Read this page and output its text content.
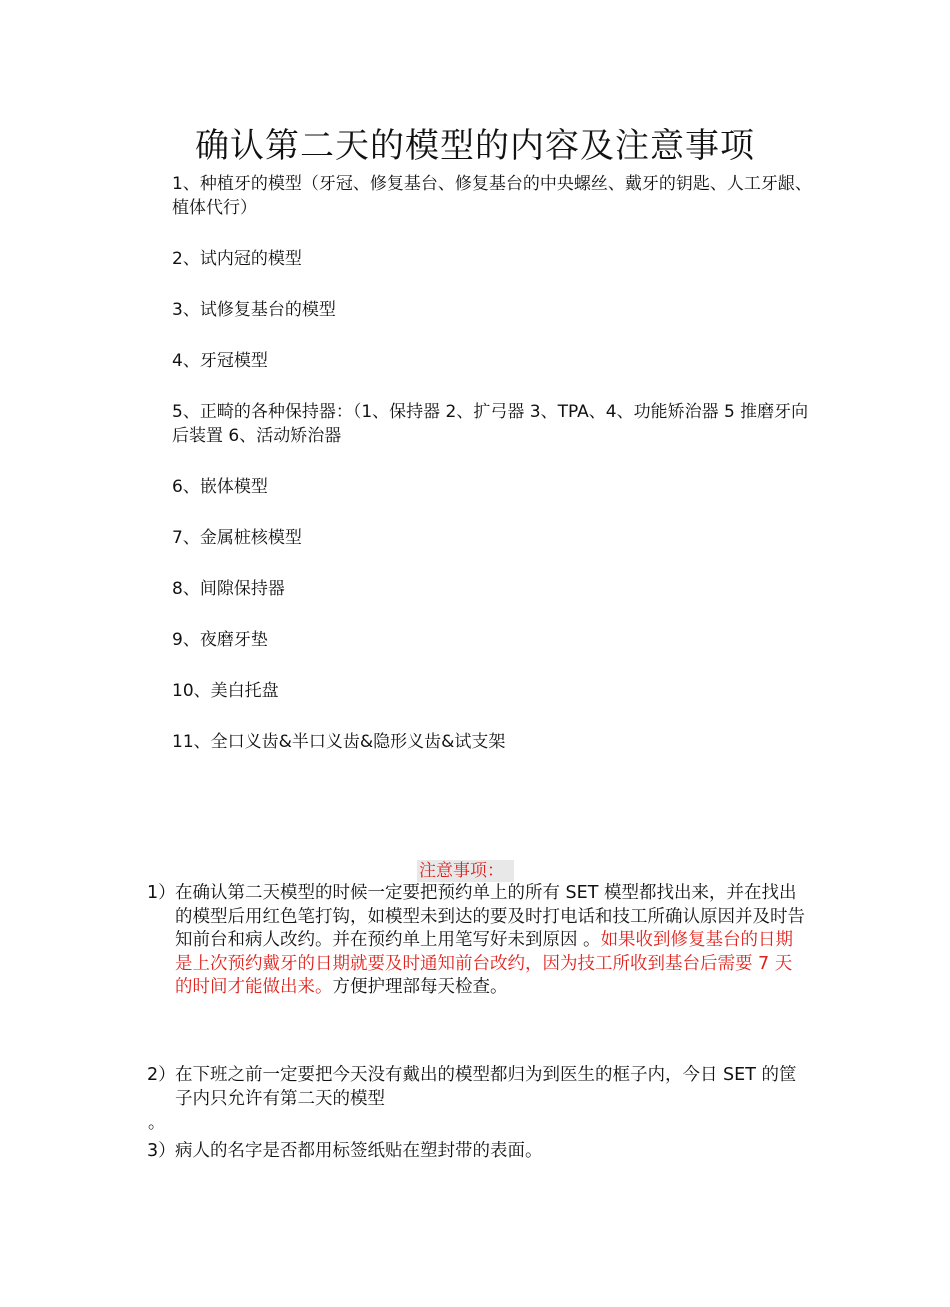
确认第二天的模型的内容及注意事项
1、种植牙的模型（牙冠、修复基台、修复基台的中央螺丝、戴牙的钥匙、人工牙龈、植体代行）
2、试内冠的模型
3、试修复基台的模型
4、牙冠模型
5、正畸的各种保持器：（1、保持器 2、扩弓器 3、TPA、4、功能矫治器 5 推磨牙向后装置 6、活动矫治器
6、嵌体模型
7、金属桩核模型
8、间隙保持器
9、夜磨牙垫
10、美白托盘
11、全口义齿&半口义齿&隐形义齿&试支架
注意事项：
1） 在确认第二天模型的时候一定要把预约单上的所有 SET 模型都找出来，并在找出的模型后用红色笔打钩，如模型未到达的要及时打电话和技工所确认原因并及时告知前台和病人改约。并在预约单上用笔写好未到原因 。如果收到修复基台的日期是上次预约戴牙的日期就要及时通知前台改约，因为技工所收到基台后需要 7 天的时间才能做出来。方便护理部每天检查。
2） 在下班之前一定要把今天没有戴出的模型都归为到医生的框子内，今日 SET 的筐子内只允许有第二天的模型
。
3） 病人的名字是否都用标签纸贴在塑封带的表面。
